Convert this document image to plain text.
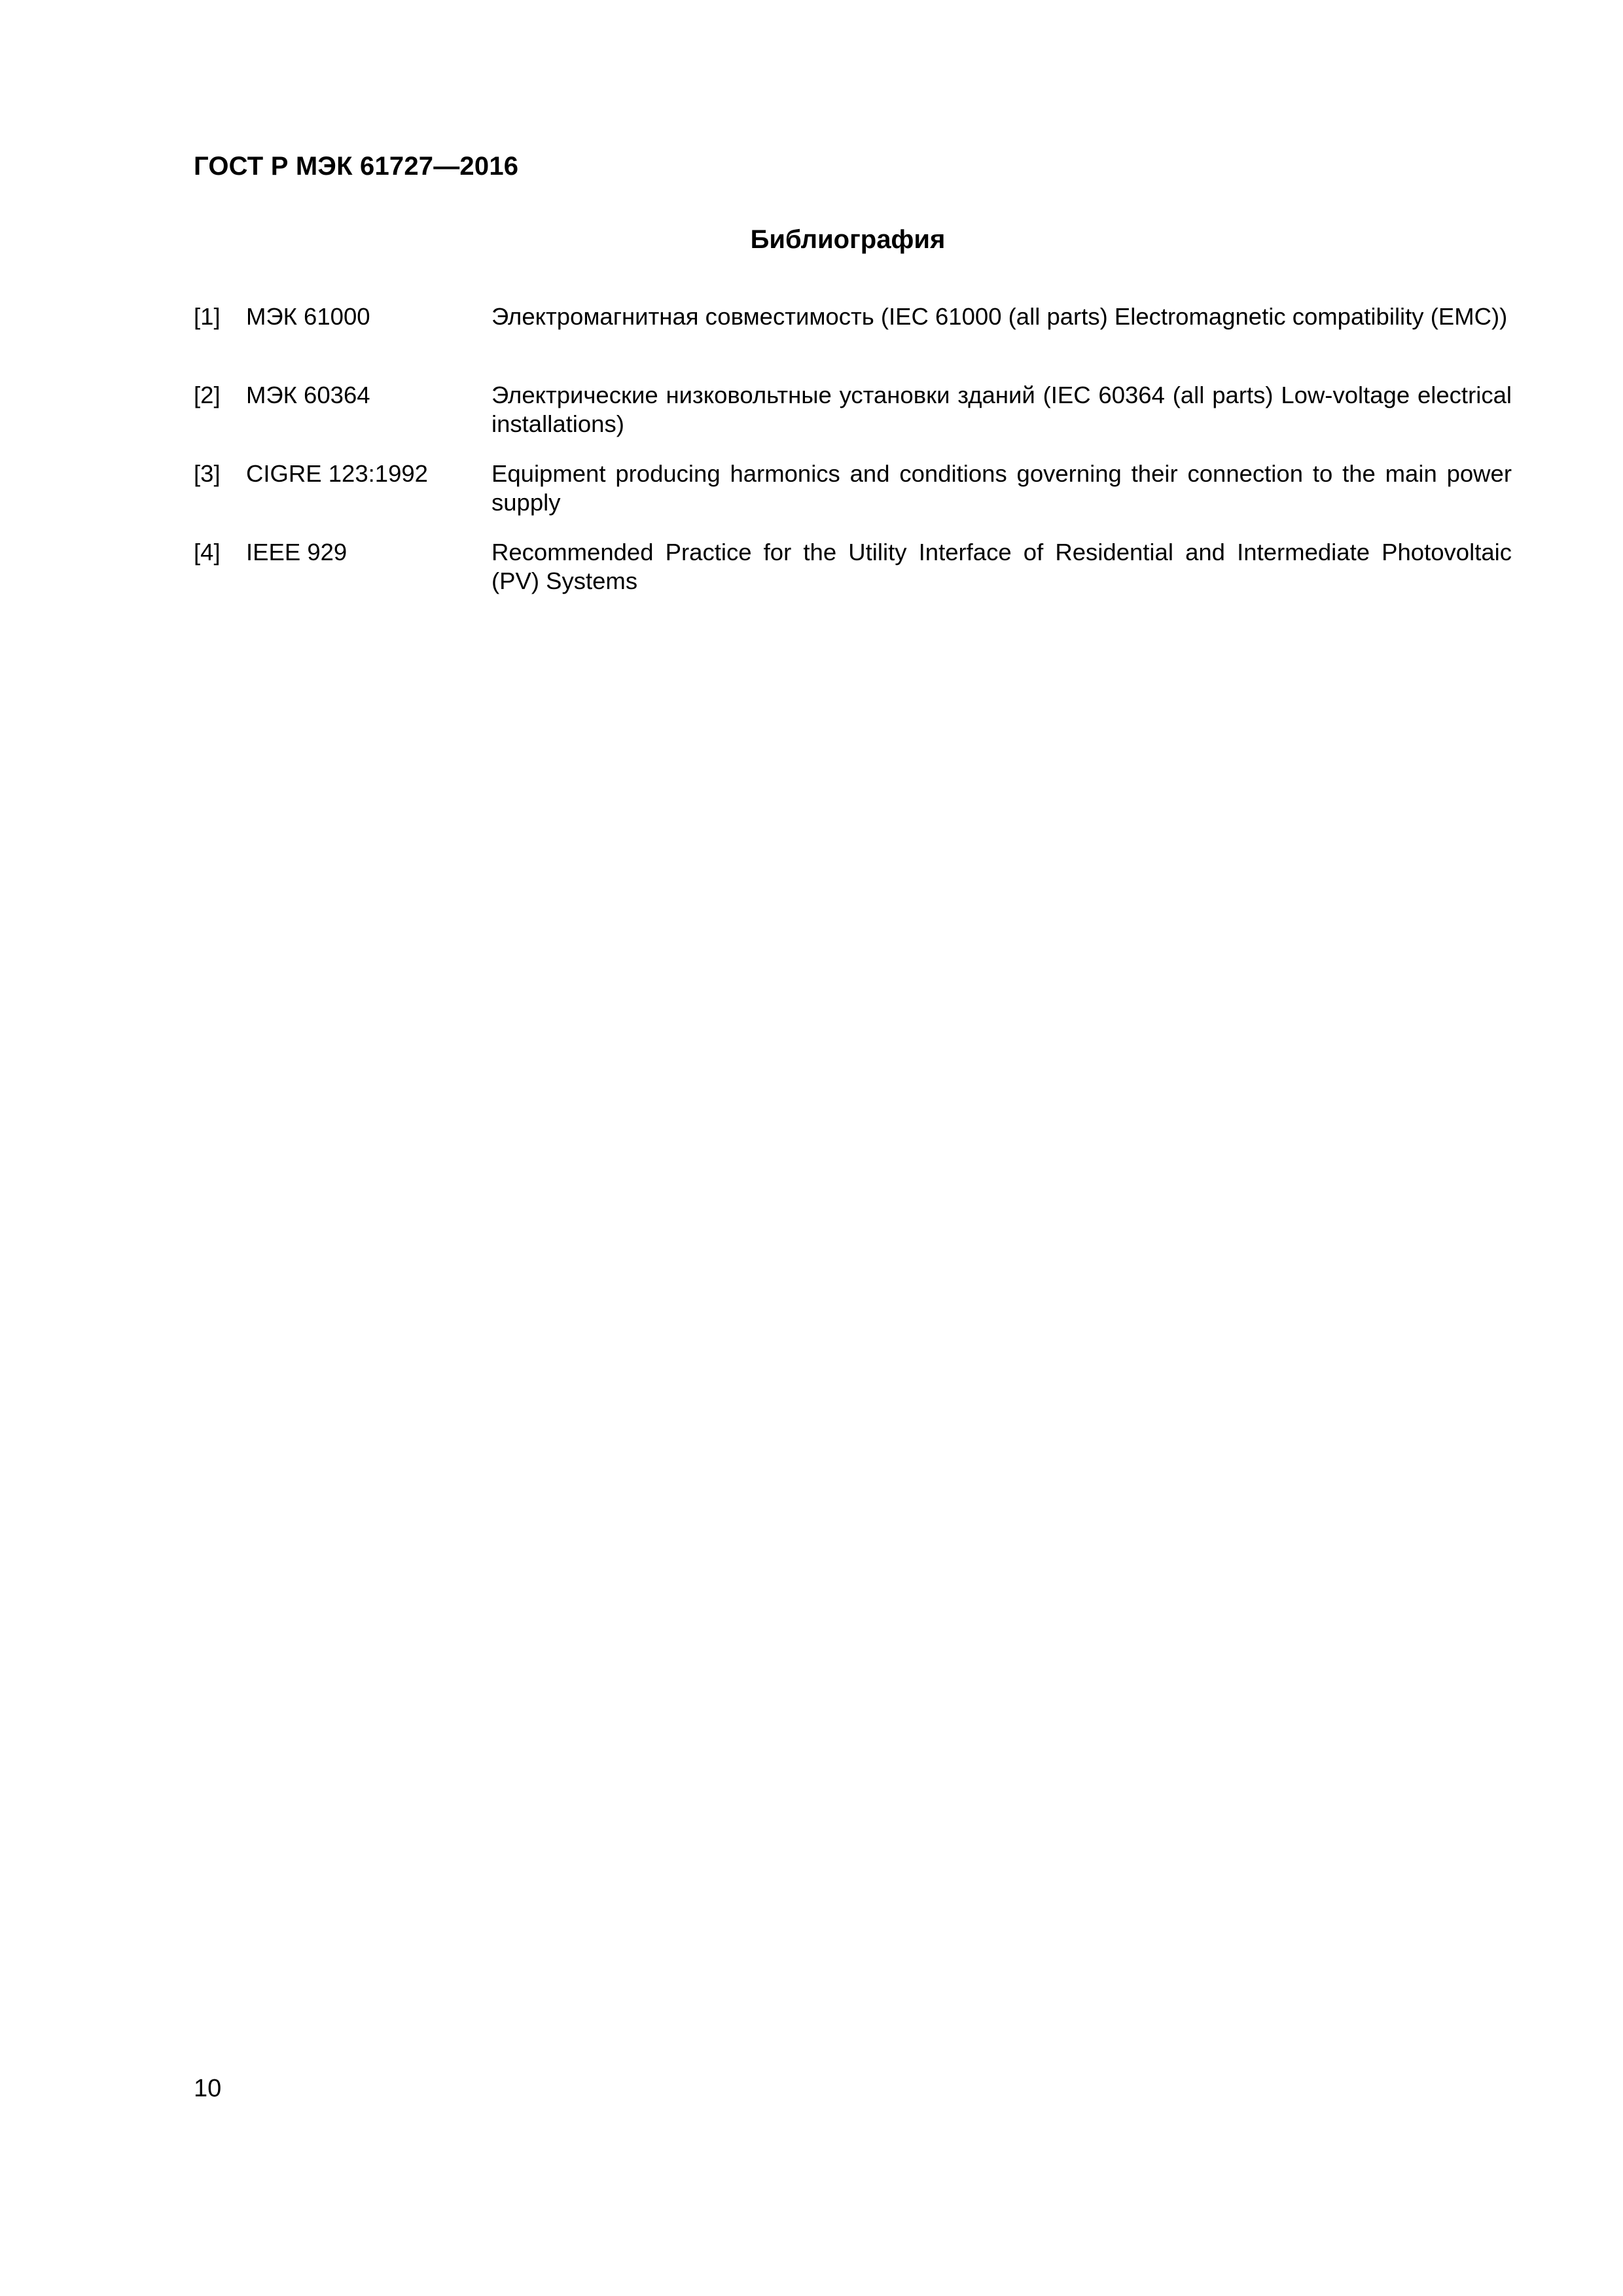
ГОСТ Р МЭК 61727—2016
Библиография
[1] МЭК 61000	Электромагнитная совместимость (IEC 61000 (all parts) Electromagnetic compatibility (EMC))
[2] МЭК 60364	Электрические низковольтные установки зданий (IEC 60364 (all parts) Low-voltage electrical installations)
[3] CIGRE 123:1992	Equipment producing harmonics and conditions governing their connection to the main power supply
[4] IEEE 929	Recommended Practice for the Utility Interface of Residential and Intermediate Photovoltaic (PV) Systems
10
